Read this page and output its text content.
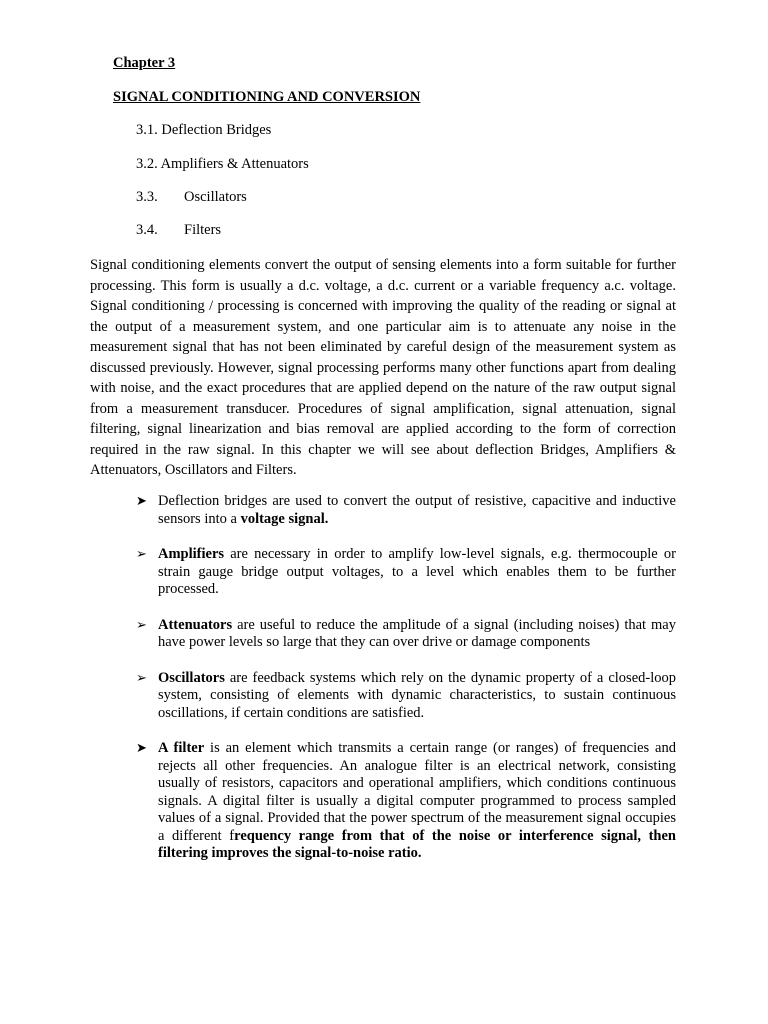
Chapter 3
SIGNAL CONDITIONING AND CONVERSION
3.1. Deflection Bridges
3.2. Amplifiers & Attenuators
3.3. Oscillators
3.4. Filters

Signal conditioning elements convert the output of sensing elements into a form suitable for further processing. This form is usually a d.c. voltage, a d.c. current or a variable frequency a.c. voltage. Signal conditioning / processing is concerned with improving the quality of the reading or signal at the output of a measurement system, and one particular aim is to attenuate any noise in the measurement signal that has not been eliminated by careful design of the measurement system as discussed previously. However, signal processing performs many other functions apart from dealing with noise, and the exact procedures that are applied depend on the nature of the raw output signal from a measurement transducer. Procedures of signal amplification, signal attenuation, signal filtering, signal linearization and bias removal are applied according to the form of correction required in the raw signal. In this chapter we will see about deflection Bridges, Amplifiers & Attenuators, Oscillators and Filters.

➤ Deflection bridges are used to convert the output of resistive, capacitive and inductive sensors into a voltage signal.
➢ Amplifiers are necessary in order to amplify low-level signals, e.g. thermocouple or strain gauge bridge output voltages, to a level which enables them to be further processed.
➢ Attenuators are useful to reduce the amplitude of a signal (including noises) that may have power levels so large that they can over drive or damage components
➢ Oscillators are feedback systems which rely on the dynamic property of a closed-loop system, consisting of elements with dynamic characteristics, to sustain continuous oscillations, if certain conditions are satisfied.
➤ A filter is an element which transmits a certain range (or ranges) of frequencies and rejects all other frequencies. An analogue filter is an electrical network, consisting usually of resistors, capacitors and operational amplifiers, which conditions continuous signals. A digital filter is usually a digital computer programmed to process sampled values of a signal. Provided that the power spectrum of the measurement signal occupies a different frequency range from that of the noise or interference signal, then filtering improves the signal-to-noise ratio.
